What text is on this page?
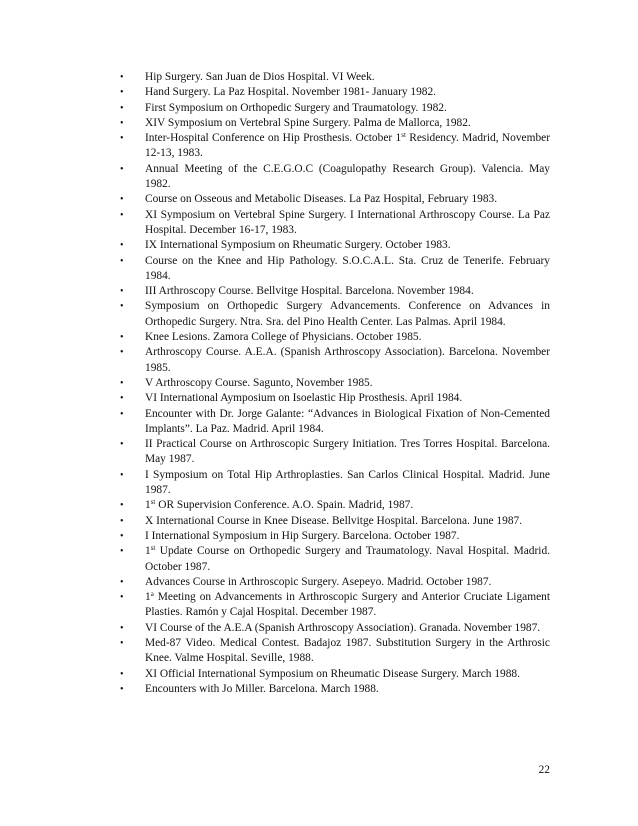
• Hip Surgery. San Juan de Dios Hospital. VI Week.
• Hand Surgery. La Paz Hospital. November 1981- January 1982.
• First Symposium on Orthopedic Surgery and Traumatology. 1982.
• XIV Symposium on Vertebral Spine Surgery. Palma de Mallorca, 1982.
• Inter-Hospital Conference on Hip Prosthesis. October 1st Residency. Madrid, November 12-13, 1983.
• Annual Meeting of the C.E.G.O.C (Coagulopathy Research Group). Valencia. May 1982.
• Course on Osseous and Metabolic Diseases. La Paz Hospital, February 1983.
• XI Symposium on Vertebral Spine Surgery. I International Arthroscopy Course. La Paz Hospital. December 16-17, 1983.
• IX International Symposium on Rheumatic Surgery. October 1983.
• Course on the Knee and Hip Pathology. S.O.C.A.L. Sta. Cruz de Tenerife. February 1984.
• III Arthroscopy Course. Bellvitge Hospital. Barcelona. November 1984.
• Symposium on Orthopedic Surgery Advancements. Conference on Advances in Orthopedic Surgery. Ntra. Sra. del Pino Health Center. Las Palmas. April 1984.
• Knee Lesions. Zamora College of Physicians. October 1985.
• Arthroscopy Course. A.E.A. (Spanish Arthroscopy Association). Barcelona. November 1985.
• V Arthroscopy Course. Sagunto, November 1985.
• VI International Aymposium on Isoelastic Hip Prosthesis. April 1984.
• Encounter with Dr. Jorge Galante: “Advances in Biological Fixation of Non-Cemented Implants”. La Paz. Madrid. April 1984.
• II Practical Course on Arthroscopic Surgery Initiation. Tres Torres Hospital. Barcelona. May 1987.
• I Symposium on Total Hip Arthroplasties. San Carlos Clinical Hospital. Madrid. June 1987.
• 1st OR Supervision Conference. A.O. Spain. Madrid, 1987.
• X International Course in Knee Disease. Bellvitge Hospital. Barcelona. June 1987.
• I International Symposium in Hip Surgery. Barcelona. October 1987.
• 1st Update Course on Orthopedic Surgery and Traumatology. Naval Hospital. Madrid. October 1987.
• Advances Course in Arthroscopic Surgery. Asepeyo. Madrid. October 1987.
• 1$^a$ Meeting on Advancements in Arthroscopic Surgery and Anterior Cruciate Ligament Plasties. Ramón y Cajal Hospital. December 1987.
• VI Course of the A.E.A (Spanish Arthroscopy Association). Granada. November 1987.
• Med-87 Video. Medical Contest. Badajoz 1987. Substitution Surgery in the Arthrosic Knee. Valme Hospital. Seville, 1988.
• XI Official International Symposium on Rheumatic Disease Surgery. March 1988.
• Encounters with Jo Miller. Barcelona. March 1988.
22
